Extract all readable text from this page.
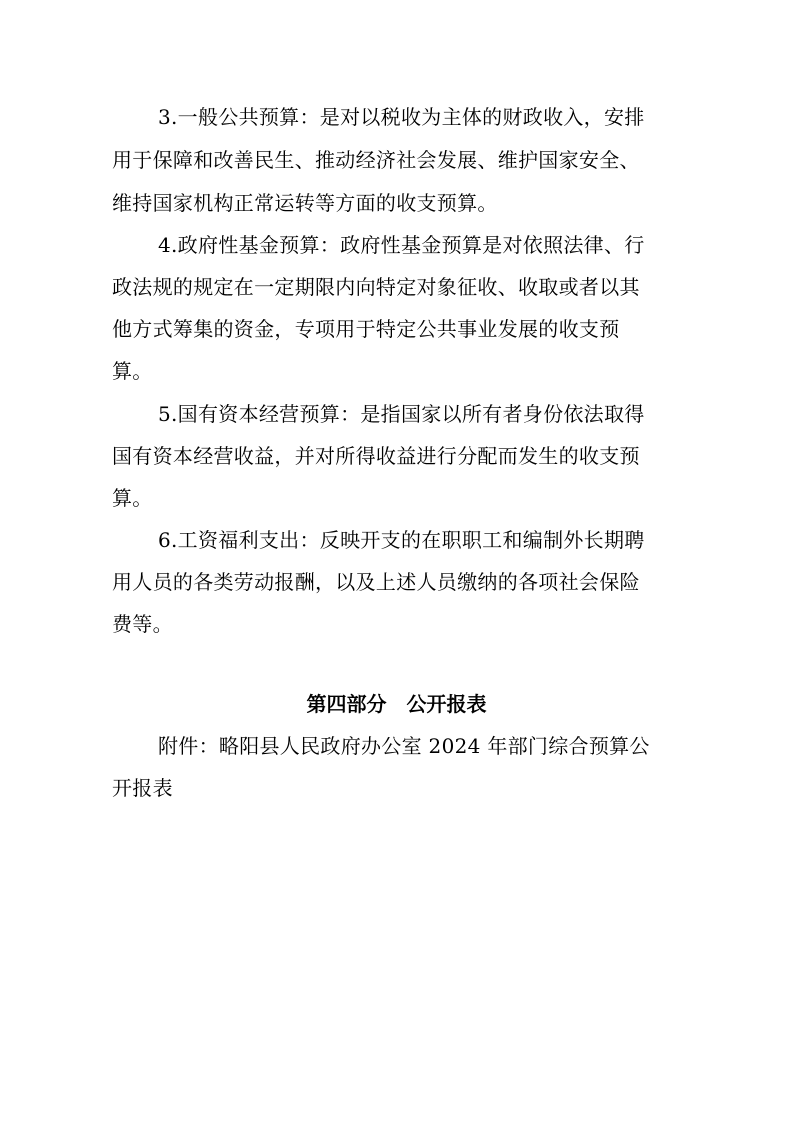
3.一般公共预算：是对以税收为主体的财政收入，安排
用于保障和改善民生、推动经济社会发展、维护国家安全、
维持国家机构正常运转等方面的收支预算。
4.政府性基金预算：政府性基金预算是对依照法律、行
政法规的规定在一定期限内向特定对象征收、收取或者以其
他方式筹集的资金，专项用于特定公共事业发展的收支预
算。
5.国有资本经营预算：是指国家以所有者身份依法取得
国有资本经营收益，并对所得收益进行分配而发生的收支预
算。
6.工资福利支出：反映开支的在职职工和编制外长期聘
用人员的各类劳动报酬，以及上述人员缴纳的各项社会保险
费等。
第四部分　公开报表
附件：略阳县人民政府办公室 2024 年部门综合预算公
开报表
